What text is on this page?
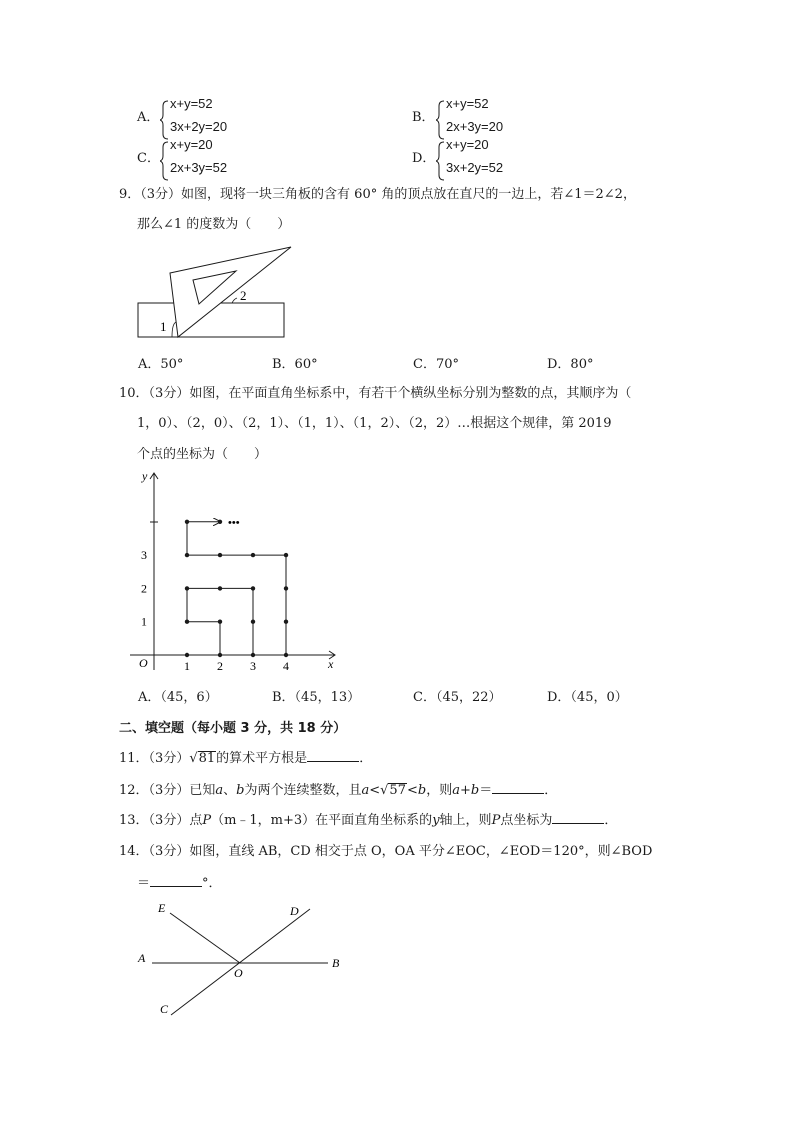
A．
x+y=52
3x+2y=20
B．
x+y=52
2x+3y=20
C．
x+y=20
2x+3y=52
D．
x+y=20
3x+2y=52
9．（3分）如图，现将一块三角板的含有 60° 角的顶点放在直尺的一边上，若∠1＝2∠2，
那么∠1 的度数为（　　）
1
2
A．50°	B．60°	C．70°	D．80°
10．（3分）如图，在平面直角坐标系中，有若干个横纵坐标分别为整数的点，其顺序为（
1，0）、（2，0）、（2，1）、（1，1）、（1，2）、（2，2）…根据这个规律，第 2019
个点的坐标为（　　）
x
y
O	1 2 3 4
1
2
3
•••
A．（45，6）	B．（45，13）	C．（45，22）	D．（45，0）
二、填空题（每小题 3 分，共 18 分）
11．（3分）√81的算术平方根是	．
12．（3分）已知a、b为两个连续整数，且a<√57<b，则a+b＝	．
13．（3分）点P（m﹣1，m+3）在平面直角坐标系的y轴上，则P点坐标为	．
14．（3分）如图，直线 AB，CD 相交于点 O，OA 平分∠EOC，∠EOD＝120°，则∠BOD
＝	°．
E	D
A	B
O
C
